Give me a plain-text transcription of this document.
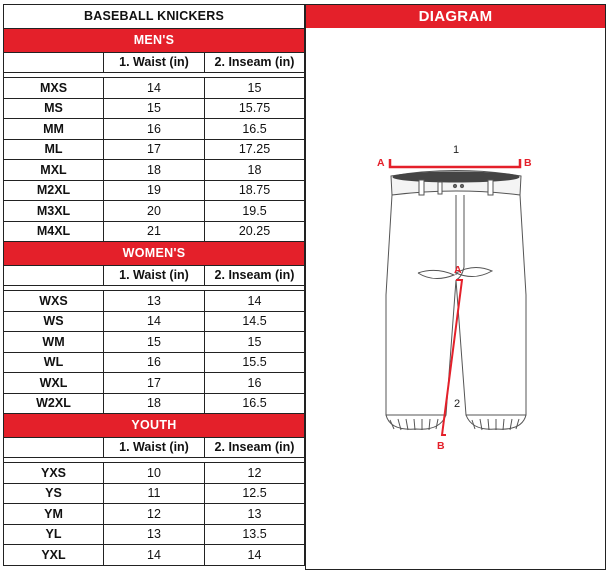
BASEBALL KNICKERS		
MEN'S		
	1. Waist (in)	2. Inseam (in)

MXS	14	15
MS	15	15.75
MM	16	16.5
ML	17	17.25
MXL	18	18
M2XL	19	18.75
M3XL	20	19.5
M4XL	21	20.25
WOMEN'S		
	1. Waist (in)	2. Inseam (in)

WXS	13	14
WS	14	14.5
WM	15	15
WL	16	15.5
WXL	17	16
W2XL	18	16.5
YOUTH		
	1. Waist (in)	2. Inseam (in)

YXS	10	12
YS	11	12.5
YM	12	13
YL	13	13.5
YXL	14	14
DIAGRAM
A	B
1
A
B
2
